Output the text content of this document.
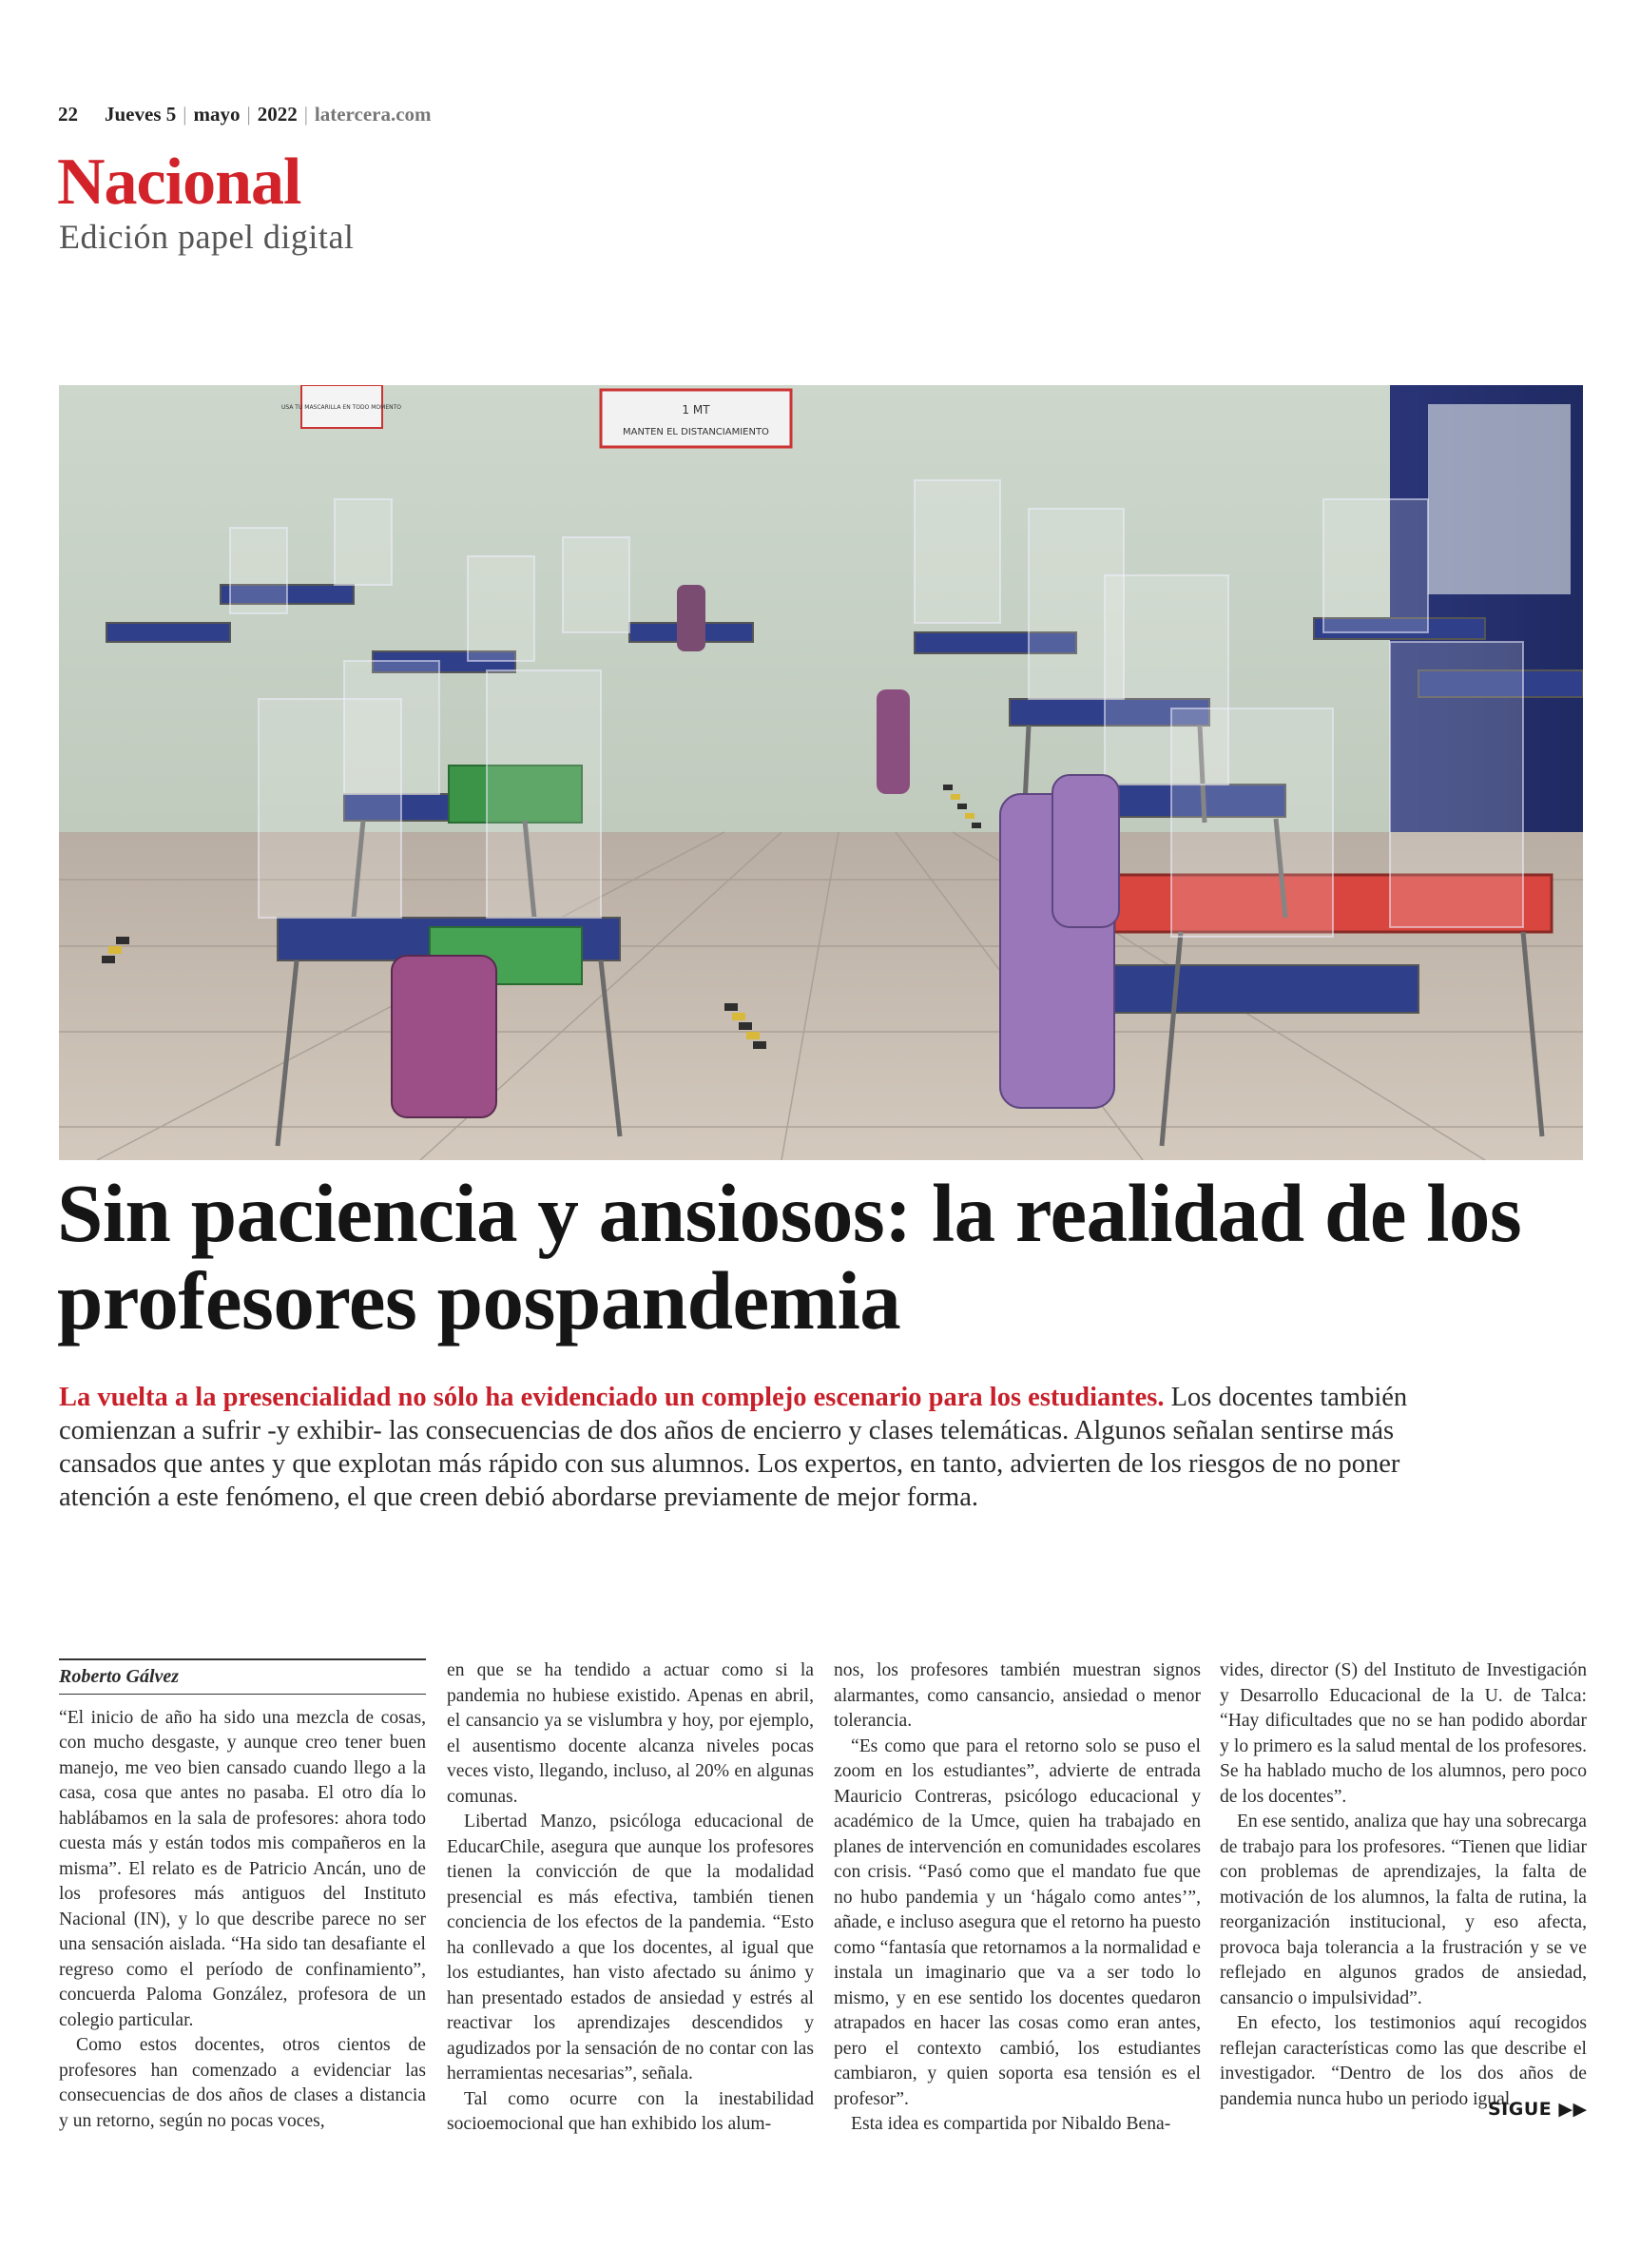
22 Jueves 5 | mayo | 2022 | latercera.com
Nacional
Edición papel digital
1 MT
MANTEN EL DISTANCIAMIENTO
USA TU MASCARILLA EN TODO MOMENTO
Sin paciencia y ansiosos: la realidad de los profesores pospandemia
La vuelta a la presencialidad no sólo ha evidenciado un complejo escenario para los estudiantes. Los docentes también comienzan a sufrir -y exhibir- las consecuencias de dos años de encierro y clases telemáticas. Algunos señalan sentirse más cansados que antes y que explotan más rápido con sus alumnos. Los expertos, en tanto, advierten de los riesgos de no poner atención a este fenómeno, el que creen debió abordarse previamente de mejor forma.
Roberto Gálvez

“El inicio de año ha sido una mezcla de cosas, con mucho desgaste, y aunque creo tener buen manejo, me veo bien cansado cuando llego a la casa, cosa que antes no pasaba. El otro día lo hablábamos en la sala de profesores: ahora todo cuesta más y están todos mis compañeros en la misma”. El relato es de Patricio Ancán, uno de los profesores más antiguos del Instituto Nacional (IN), y lo que describe parece no ser una sensación aislada. “Ha sido tan desafiante el regreso como el período de confinamiento”, concuerda Paloma González, profesora de un colegio particular.

Como estos docentes, otros cientos de profesores han comenzado a evidenciar las consecuencias de dos años de clases a distancia y un retorno, según no pocas voces,

en que se ha tendido a actuar como si la pandemia no hubiese existido. Apenas en abril, el cansancio ya se vislumbra y hoy, por ejemplo, el ausentismo docente alcanza niveles pocas veces visto, llegando, incluso, al 20% en algunas comunas.

Libertad Manzo, psicóloga educacional de EducarChile, asegura que aunque los profesores tienen la convicción de que la modalidad presencial es más efectiva, también tienen conciencia de los efectos de la pandemia. “Esto ha conllevado a que los docentes, al igual que los estudiantes, han visto afectado su ánimo y han presentado estados de ansiedad y estrés al reactivar los aprendizajes descendidos y agudizados por la sensación de no contar con las herramientas necesarias”, señala.

Tal como ocurre con la inestabilidad socioemocional que han exhibido los alum-

nos, los profesores también muestran signos alarmantes, como cansancio, ansiedad o menor tolerancia.

“Es como que para el retorno solo se puso el zoom en los estudiantes”, advierte de entrada Mauricio Contreras, psicólogo educacional y académico de la Umce, quien ha trabajado en planes de intervención en comunidades escolares con crisis. “Pasó como que el mandato fue que no hubo pandemia y un ‘hágalo como antes’”, añade, e incluso asegura que el retorno ha puesto como “fantasía que retornamos a la normalidad e instala un imaginario que va a ser todo lo mismo, y en ese sentido los docentes quedaron atrapados en hacer las cosas como eran antes, pero el contexto cambió, los estudiantes cambiaron, y quien soporta esa tensión es el profesor”.

Esta idea es compartida por Nibaldo Bena-

vides, director (S) del Instituto de Investigación y Desarrollo Educacional de la U. de Talca: “Hay dificultades que no se han podido abordar y lo primero es la salud mental de los profesores. Se ha hablado mucho de los alumnos, pero poco de los docentes”.

En ese sentido, analiza que hay una sobrecarga de trabajo para los profesores. “Tienen que lidiar con problemas de aprendizajes, la falta de motivación de los alumnos, la falta de rutina, la reorganización institucional, y eso afecta, provoca baja tolerancia a la frustración y se ve reflejado en algunos grados de ansiedad, cansancio o impulsividad”.

En efecto, los testimonios aquí recogidos reflejan características como las que describe el investigador. “Dentro de los dos años de pandemia nunca hubo un periodo igual

SIGUE ▶▶
